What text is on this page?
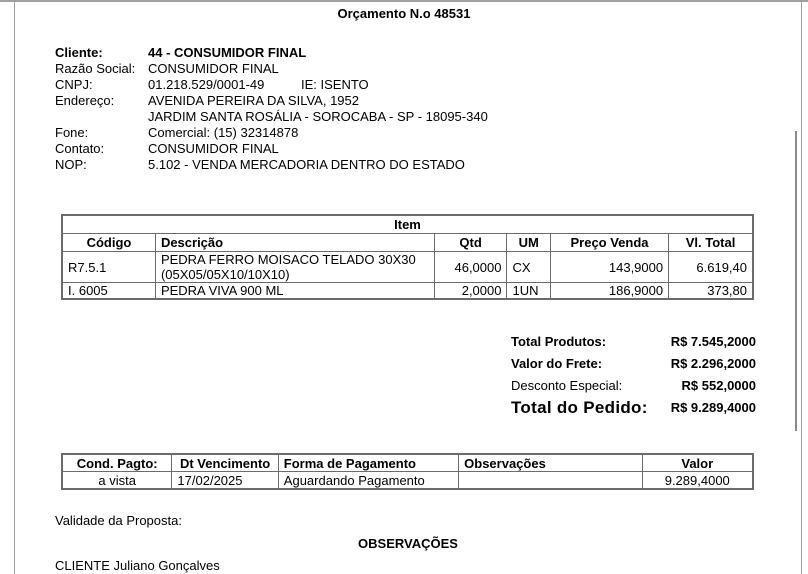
Orçamento N.o 48531
Cliente:	44 - CONSUMIDOR FINAL
Razão Social: CONSUMIDOR FINAL
CNPJ:	01.218.529/0001-49	IE: ISENTO
Endereço:	AVENIDA PEREIRA DA SILVA, 1952
JARDIM SANTA ROSÁLIA - SOROCABA - SP - 18095-340
Fone:	Comercial: (15) 32314878
Contato:	CONSUMIDOR FINAL
NOP:	5.102 - VENDA MERCADORIA DENTRO DO ESTADO
Item					
Código	Descrição	Qtd	UM	Preço Venda	Vl. Total
R7.5.1	PEDRA FERRO MOISACO TELADO 30X30
(05X05/05X10/10X10)	46,0000	CX	143,9000	6.619,40
I. 6005	PEDRA VIVA 900 ML	2,0000	1UN	186,9000	373,80
Total Produtos:	R$ 7.545,2000
Valor do Frete:	R$ 2.296,2000
Desconto Especial:	R$ 552,0000
Total do Pedido: R$ 9.289,4000
Cond. Pagto:	Dt Vencimento	Forma de Pagamento	Observações	Valor
a vista	17/02/2025	Aguardando Pagamento		9.289,4000
Validade da Proposta:
OBSERVAÇÕES
CLIENTE Juliano Gonçalves
